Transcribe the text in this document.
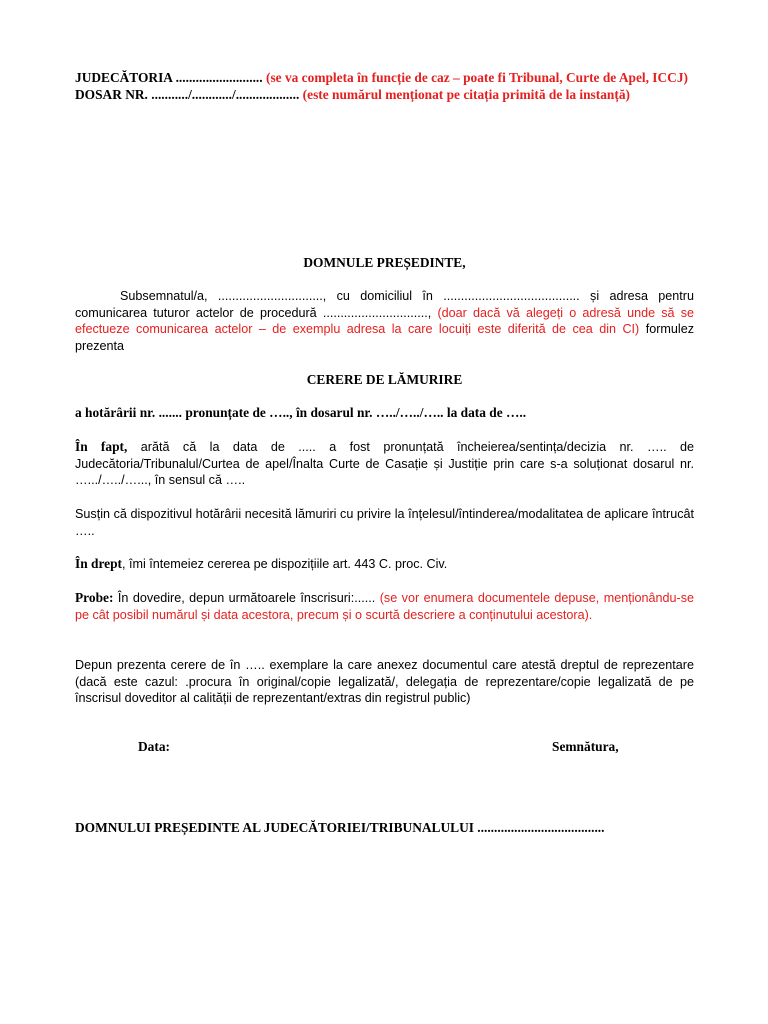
JUDECĂTORIA .......................... (se va completa în funcție de caz – poate fi Tribunal, Curte de Apel, ICCJ)
DOSAR NR. .........../............/................... (este numărul menționat pe citația primită de la instanță)
DOMNULE PREȘEDINTE,
Subsemnatul/a, .............................., cu domiciliul în ....................................... și adresa pentru comunicarea tuturor actelor de procedură .............................., (doar dacă vă alegeți o adresă unde să se efectueze comunicarea actelor – de exemplu adresa la care locuiți este diferită de cea din CI) formulez prezenta
CERERE DE LĂMURIRE
a hotărârii nr. ....... pronunțate de ….., în dosarul nr. …../…../….. la data de …..
În fapt, arătă că la data de ..... a fost pronunțată încheierea/sentința/decizia nr. ….. de Judecătoria/Tribunalul/Curtea de apel/Înalta Curte de Casație și Justiție prin care s-a soluționat dosarul nr. ….../…../…..., în sensul că …..
Susțin că dispozitivul hotărârii necesită lămuriri cu privire la înțelesul/întinderea/modalitatea de aplicare întrucât …..
În drept, îmi întemeiez cererea pe dispozițiile art. 443 C. proc. Civ.
Probe: În dovedire, depun următoarele înscrisuri:...... (se vor enumera documentele depuse, menționându-se pe cât posibil numărul și data acestora, precum și o scurtă descriere a conținutului acestora).
Depun prezenta cerere de în ….. exemplare la care anexez documentul care atestă dreptul de reprezentare (dacă este cazul: .procura în original/copie legalizată/, delegația de reprezentare/copie legalizată de pe înscrisul doveditor al calității de reprezentant/extras din registrul public)
Data:	Semnătura,
DOMNULUI PREȘEDINTE AL JUDECĂTORIEI/TRIBUNALULUI ......................................
